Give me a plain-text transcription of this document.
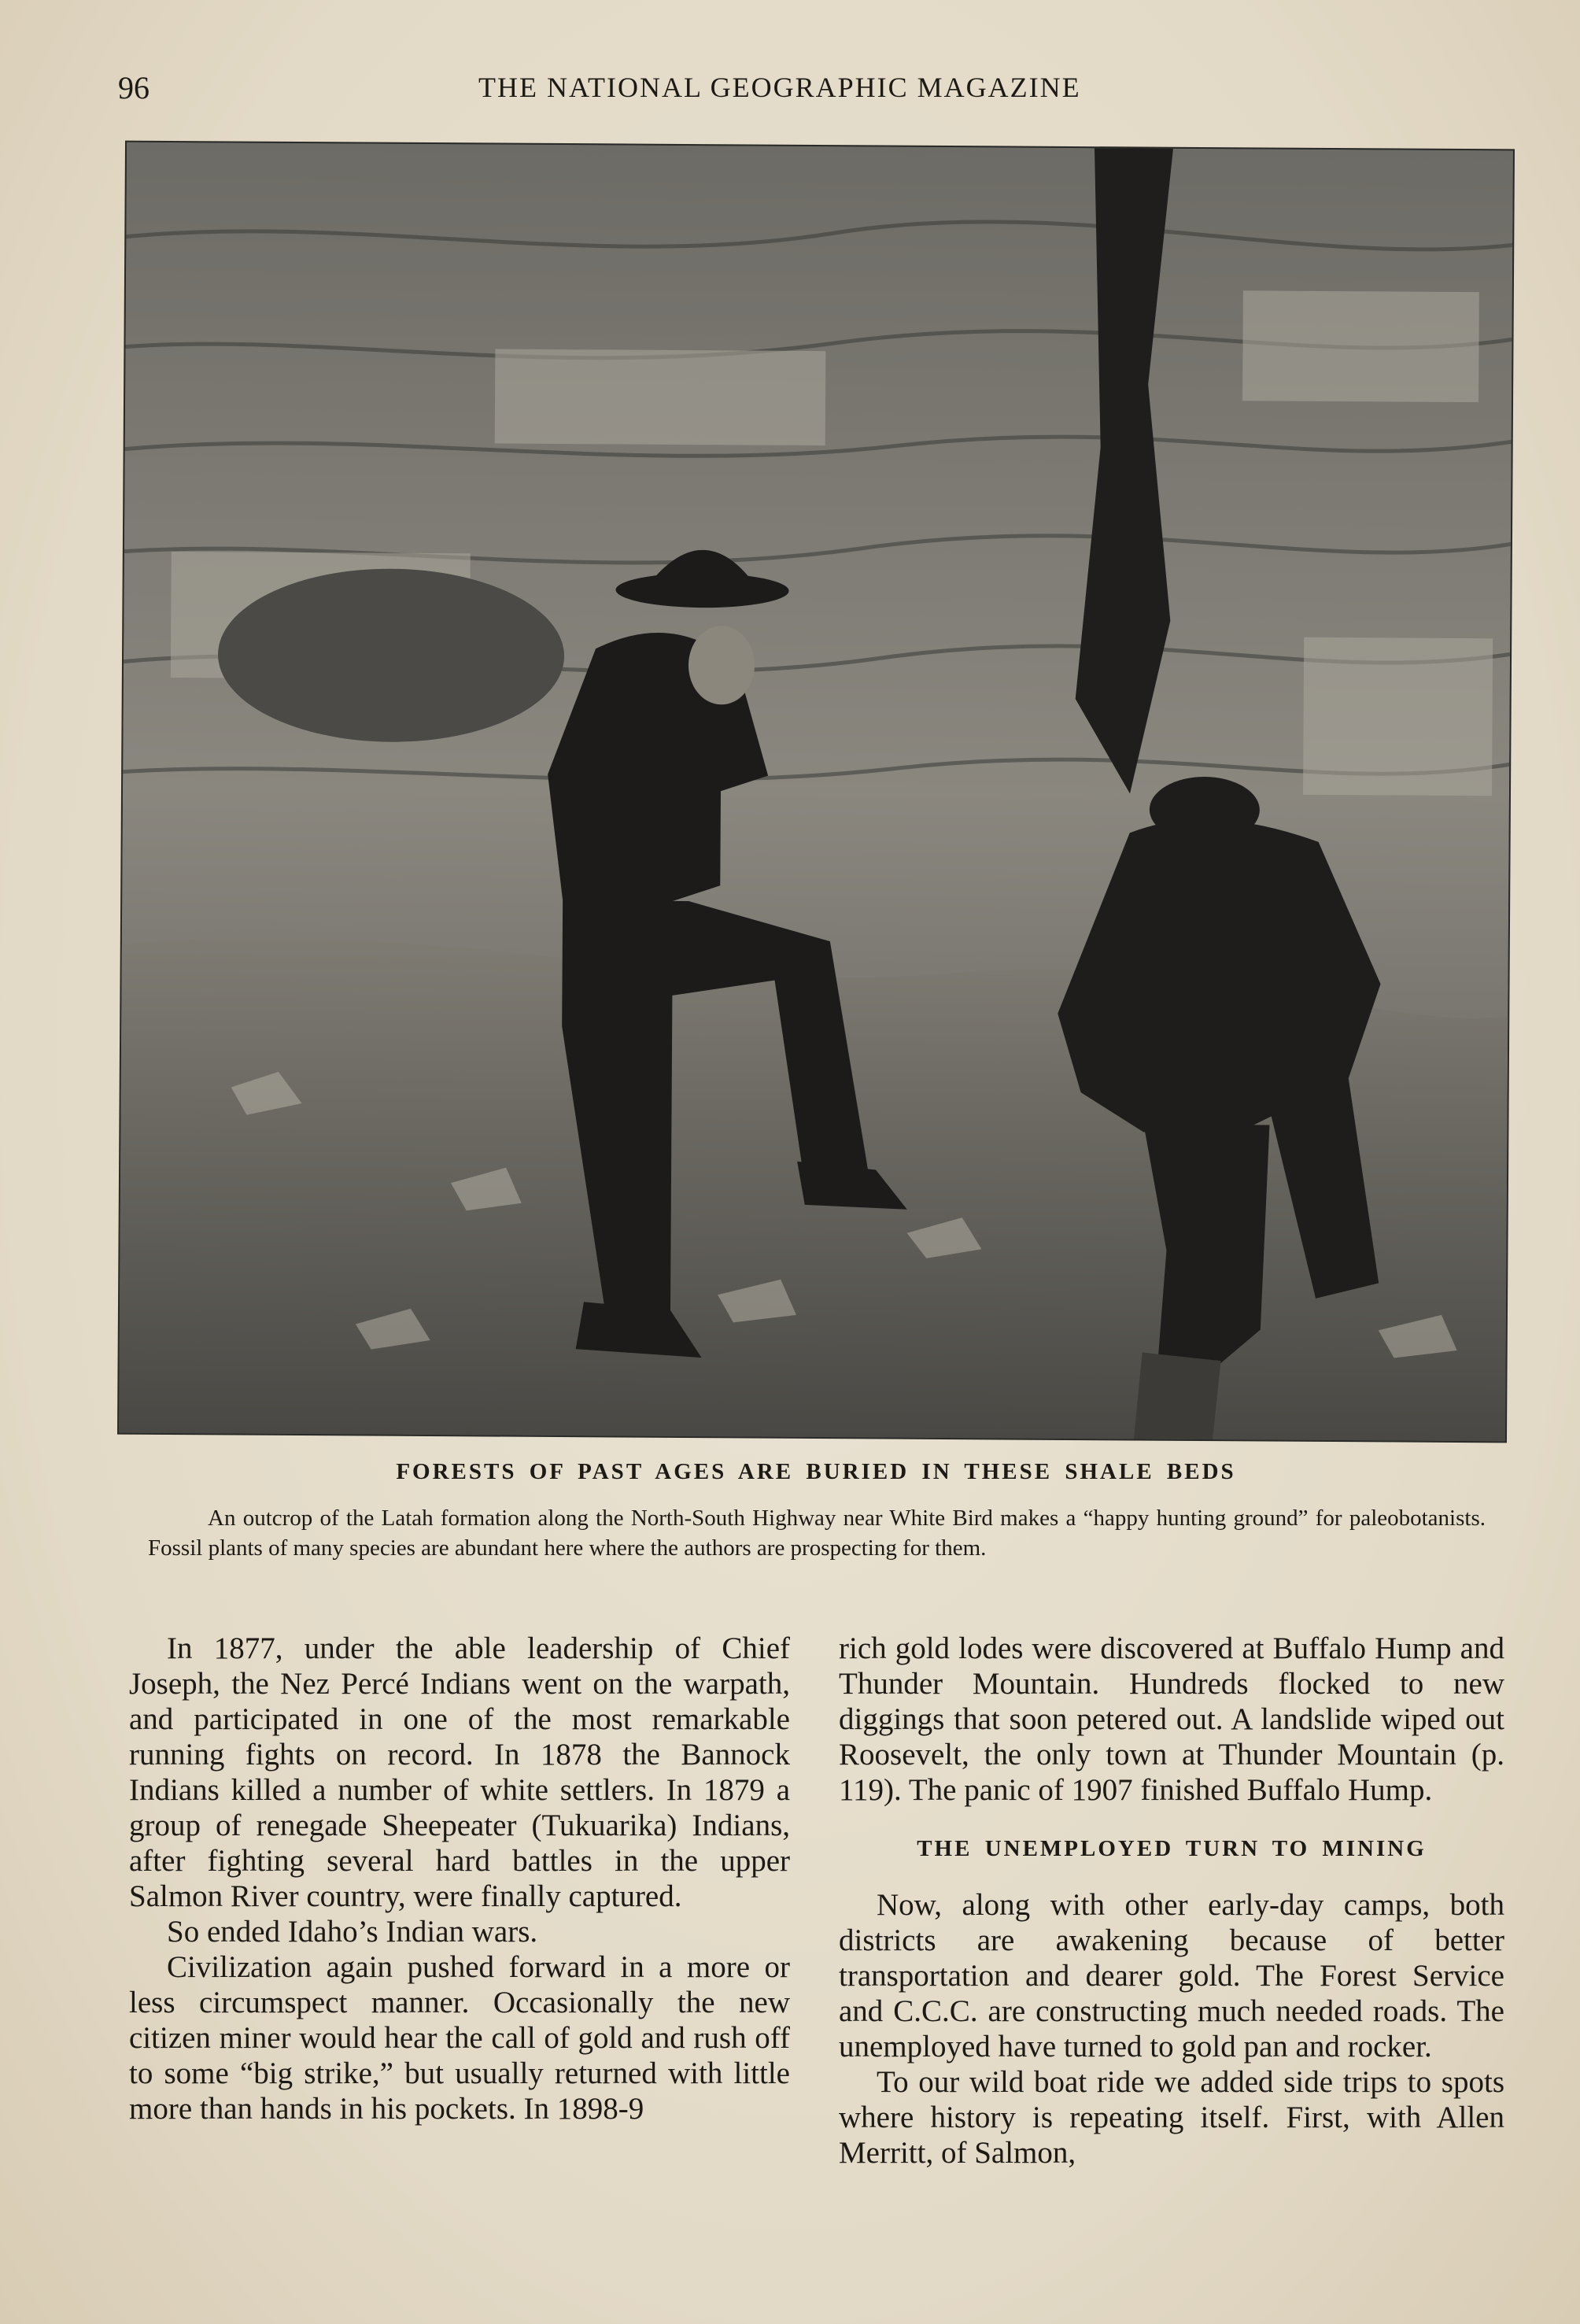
96	THE NATIONAL GEOGRAPHIC MAGAZINE
FORESTS OF PAST AGES ARE BURIED IN THESE SHALE BEDS
An outcrop of the Latah formation along the North-South Highway near White Bird makes a “happy hunting ground” for paleobotanists. Fossil plants of many species are abundant here where the authors are prospecting for them.

In 1877, under the able leadership of Chief Joseph, the Nez Percé Indians went on the warpath, and participated in one of the most remarkable running fights on record. In 1878 the Bannock Indians killed a number of white settlers. In 1879 a group of renegade Sheepeater (Tukuarika) Indians, after fighting several hard battles in the upper Salmon River country, were finally captured.

So ended Idaho’s Indian wars.

Civilization again pushed forward in a more or less circumspect manner. Occasionally the new citizen miner would hear the call of gold and rush off to some “big strike,” but usually returned with little more than hands in his pockets. In 1898-9

rich gold lodes were discovered at Buffalo Hump and Thunder Mountain. Hundreds flocked to new diggings that soon petered out. A landslide wiped out Roosevelt, the only town at Thunder Mountain (p. 119). The panic of 1907 finished Buffalo Hump.

THE UNEMPLOYED TURN TO MINING

Now, along with other early-day camps, both districts are awakening because of better transportation and dearer gold. The Forest Service and C.C.C. are constructing much needed roads. The unemployed have turned to gold pan and rocker.

To our wild boat ride we added side trips to spots where history is repeating itself. First, with Allen Merritt, of Salmon,
